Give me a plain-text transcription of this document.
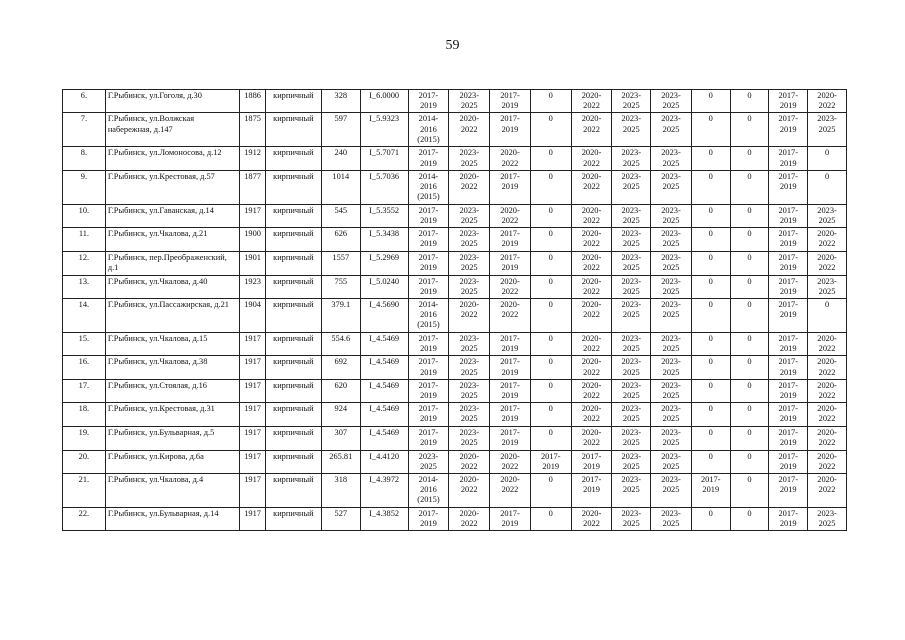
59
6.	Г.Рыбинск, ул.Гоголя, д.30	1886	кирпичный	328	I_6.0000	2017-2019	2023-2025	2017-2019	0	2020-2022	2023-2025	2023-2025	0	0	2017-2019	2020-2022
7.	Г.Рыбинск, ул.Волжская набережная, д.147	1875	кирпичный	597	I_5.9323	2014-2016 (2015)	2020-2022	2017-2019	0	2020-2022	2023-2025	2023-2025	0	0	2017-2019	2023-2025
8.	Г.Рыбинск, ул.Ломоносова, д.12	1912	кирпичный	240	I_5.7071	2017-2019	2023-2025	2020-2022	0	2020-2022	2023-2025	2023-2025	0	0	2017-2019	0
9.	Г.Рыбинск, ул.Крестовая, д.57	1877	кирпичный	1014	I_5.7036	2014-2016 (2015)	2020-2022	2017-2019	0	2020-2022	2023-2025	2023-2025	0	0	2017-2019	0
10.	Г.Рыбинск, ул.Гаванская, д.14	1917	кирпичный	545	I_5.3552	2017-2019	2023-2025	2020-2022	0	2020-2022	2023-2025	2023-2025	0	0	2017-2019	2023-2025
11.	Г.Рыбинск, ул.Чкалова, д.21	1900	кирпичный	626	I_5.3438	2017-2019	2023-2025	2017-2019	0	2020-2022	2023-2025	2023-2025	0	0	2017-2019	2020-2022
12.	Г.Рыбинск, пер.Преображенский, д.1	1901	кирпичный	1557	I_5.2969	2017-2019	2023-2025	2017-2019	0	2020-2022	2023-2025	2023-2025	0	0	2017-2019	2020-2022
13.	Г.Рыбинск, ул.Чкалова, д.40	1923	кирпичный	755	I_5.0240	2017-2019	2023-2025	2020-2022	0	2020-2022	2023-2025	2023-2025	0	0	2017-2019	2023-2025
14.	Г.Рыбинск, ул.Пассажирская, д.21	1904	кирпичный	379.1	I_4.5690	2014-2016 (2015)	2020-2022	2020-2022	0	2020-2022	2023-2025	2023-2025	0	0	2017-2019	0
15.	Г.Рыбинск, ул.Чкалова, д.15	1917	кирпичный	554.6	I_4.5469	2017-2019	2023-2025	2017-2019	0	2020-2022	2023-2025	2023-2025	0	0	2017-2019	2020-2022
16.	Г.Рыбинск, ул.Чкалова, д.38	1917	кирпичный	692	I_4.5469	2017-2019	2023-2025	2017-2019	0	2020-2022	2023-2025	2023-2025	0	0	2017-2019	2020-2022
17.	Г.Рыбинск, ул.Стоялая, д.16	1917	кирпичный	620	I_4.5469	2017-2019	2023-2025	2017-2019	0	2020-2022	2023-2025	2023-2025	0	0	2017-2019	2020-2022
18.	Г.Рыбинск, ул.Крестовая, д.31	1917	кирпичный	924	I_4.5469	2017-2019	2023-2025	2017-2019	0	2020-2022	2023-2025	2023-2025	0	0	2017-2019	2020-2022
19.	Г.Рыбинск, ул.Бульварная, д.5	1917	кирпичный	307	I_4.5469	2017-2019	2023-2025	2017-2019	0	2020-2022	2023-2025	2023-2025	0	0	2017-2019	2020-2022
20.	Г.Рыбинск, ул.Кирова, д.6а	1917	кирпичный	265.81	I_4.4120	2023-2025	2020-2022	2020-2022	2017-2019	2017-2019	2023-2025	2023-2025	0	0	2017-2019	2020-2022
21.	Г.Рыбинск, ул.Чкалова, д.4	1917	кирпичный	318	I_4.3972	2014-2016 (2015)	2020-2022	2020-2022	0	2017-2019	2023-2025	2023-2025	2017-2019	0	2017-2019	2020-2022
22.	Г.Рыбинск, ул.Бульварная, д.14	1917	кирпичный	527	I_4.3852	2017-2019	2020-2022	2017-2019	0	2020-2022	2023-2025	2023-2025	0	0	2017-2019	2023-2025
